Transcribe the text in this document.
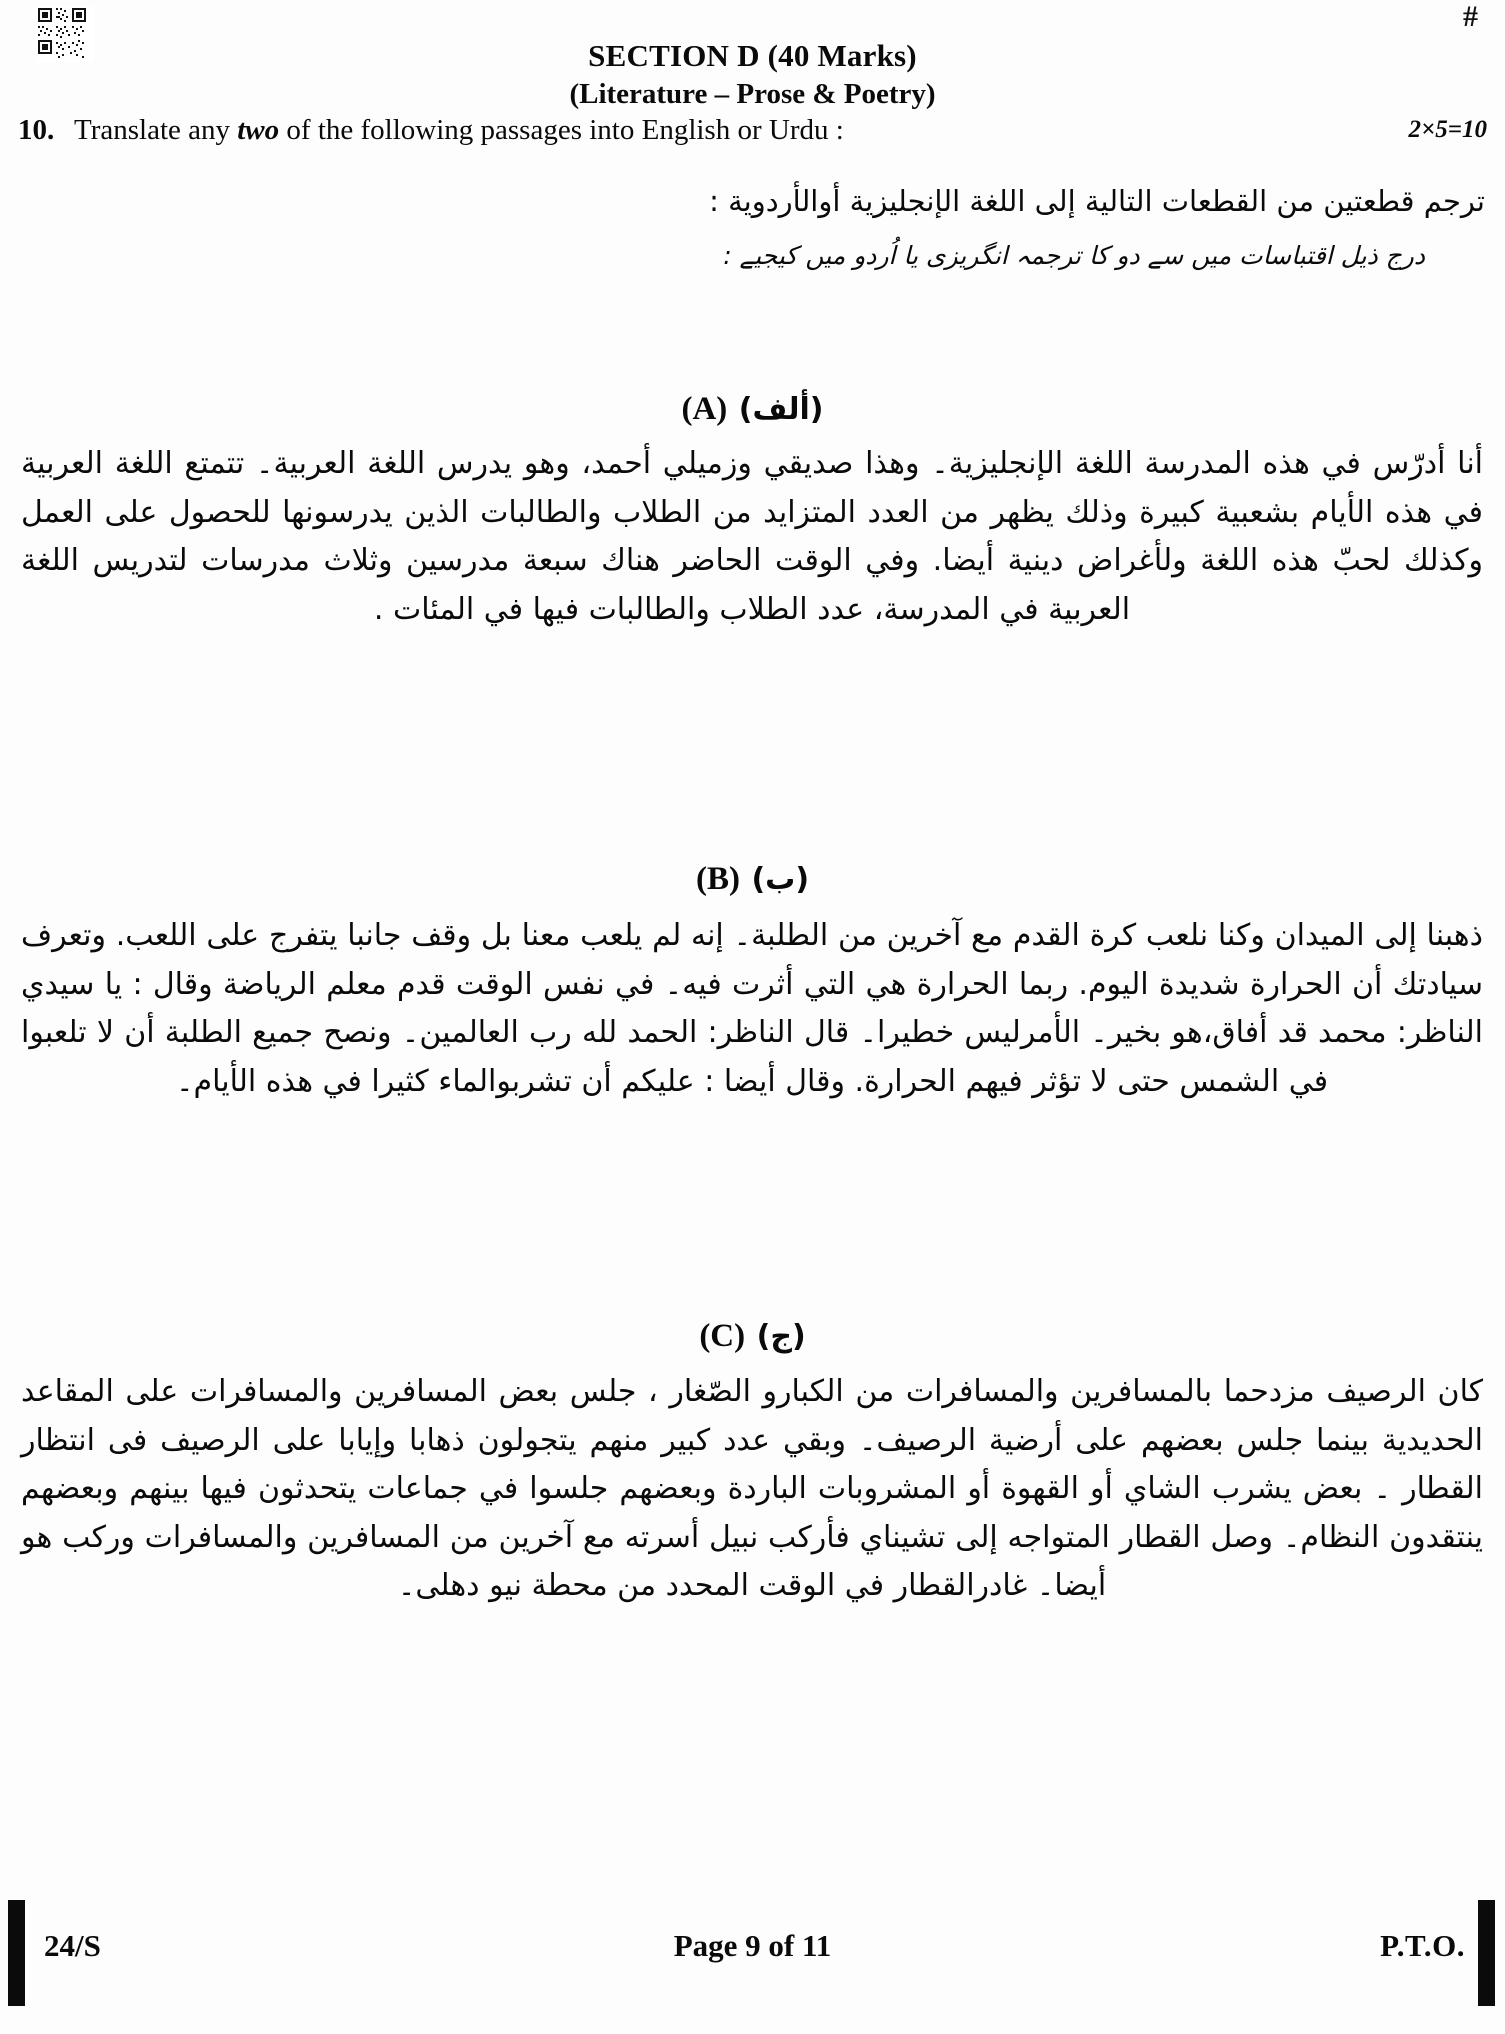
#
SECTION D (40 Marks)
(Literature – Prose & Poetry)
10. Translate any two of the following passages into English or Urdu :	2×5=10
ترجم قطعتين من القطعات التالية إلى اللغة الإنجليزية أوالأردوية :
درج ذیل اقتباسات میں سے دو کا ترجمہ انگریزی یا اُردو میں کیجیے :
(A) (ألف)

أنا أدرّس في هذه المدرسة اللغة الإنجليزية۔ وهذا صديقي وزميلي أحمد، وهو يدرس اللغة العربية۔ تتمتع اللغة العربية في هذه الأيام بشعبية كبيرة وذلك يظهر من العدد المتزايد من الطلاب والطالبات الذين يدرسونها للحصول على العمل وكذلك لحبّ هذه اللغة ولأغراض دينية أيضا. وفي الوقت الحاضر هناك سبعة مدرسين وثلاث مدرسات لتدريس اللغة العربية في المدرسة، عدد الطلاب والطالبات فيها في المئات .

(B) (ب)

ذهبنا إلى الميدان وكنا نلعب كرة القدم مع آخرين من الطلبة۔ إنه لم يلعب معنا بل وقف جانبا يتفرج على اللعب. وتعرف سيادتك أن الحرارة شديدة اليوم. ربما الحرارة هي التي أثرت فيه۔ في نفس الوقت قدم معلم الرياضة وقال : يا سيدي الناظر: محمد قد أفاق،هو بخير۔ الأمرليس خطيرا۔ قال الناظر: الحمد لله رب العالمين۔ ونصح جميع الطلبة أن لا تلعبوا في الشمس حتى لا تؤثر فيهم الحرارة. وقال أيضا : عليكم أن تشربوالماء كثيرا في هذه الأيام۔

(C) (ج)

كان الرصيف مزدحما بالمسافرين والمسافرات من الكبارو الصّغار ، جلس بعض المسافرين والمسافرات على المقاعد الحديدية بينما جلس بعضهم على أرضية الرصيف۔ وبقي عدد كبير منهم يتجولون ذهابا وإيابا على الرصيف فى انتظار القطار ۔ بعض يشرب الشاي أو القهوة أو المشروبات الباردة وبعضهم جلسوا في جماعات يتحدثون فيها بينهم وبعضهم ينتقدون النظام۔ وصل القطار المتواجه إلى تشيناي فأركب نبيل أسرته مع آخرين من المسافرين والمسافرات وركب هو أيضا۔ غادرالقطار في الوقت المحدد من محطة نيو دهلى۔

24/S	Page 9 of 11	P.T.O.
